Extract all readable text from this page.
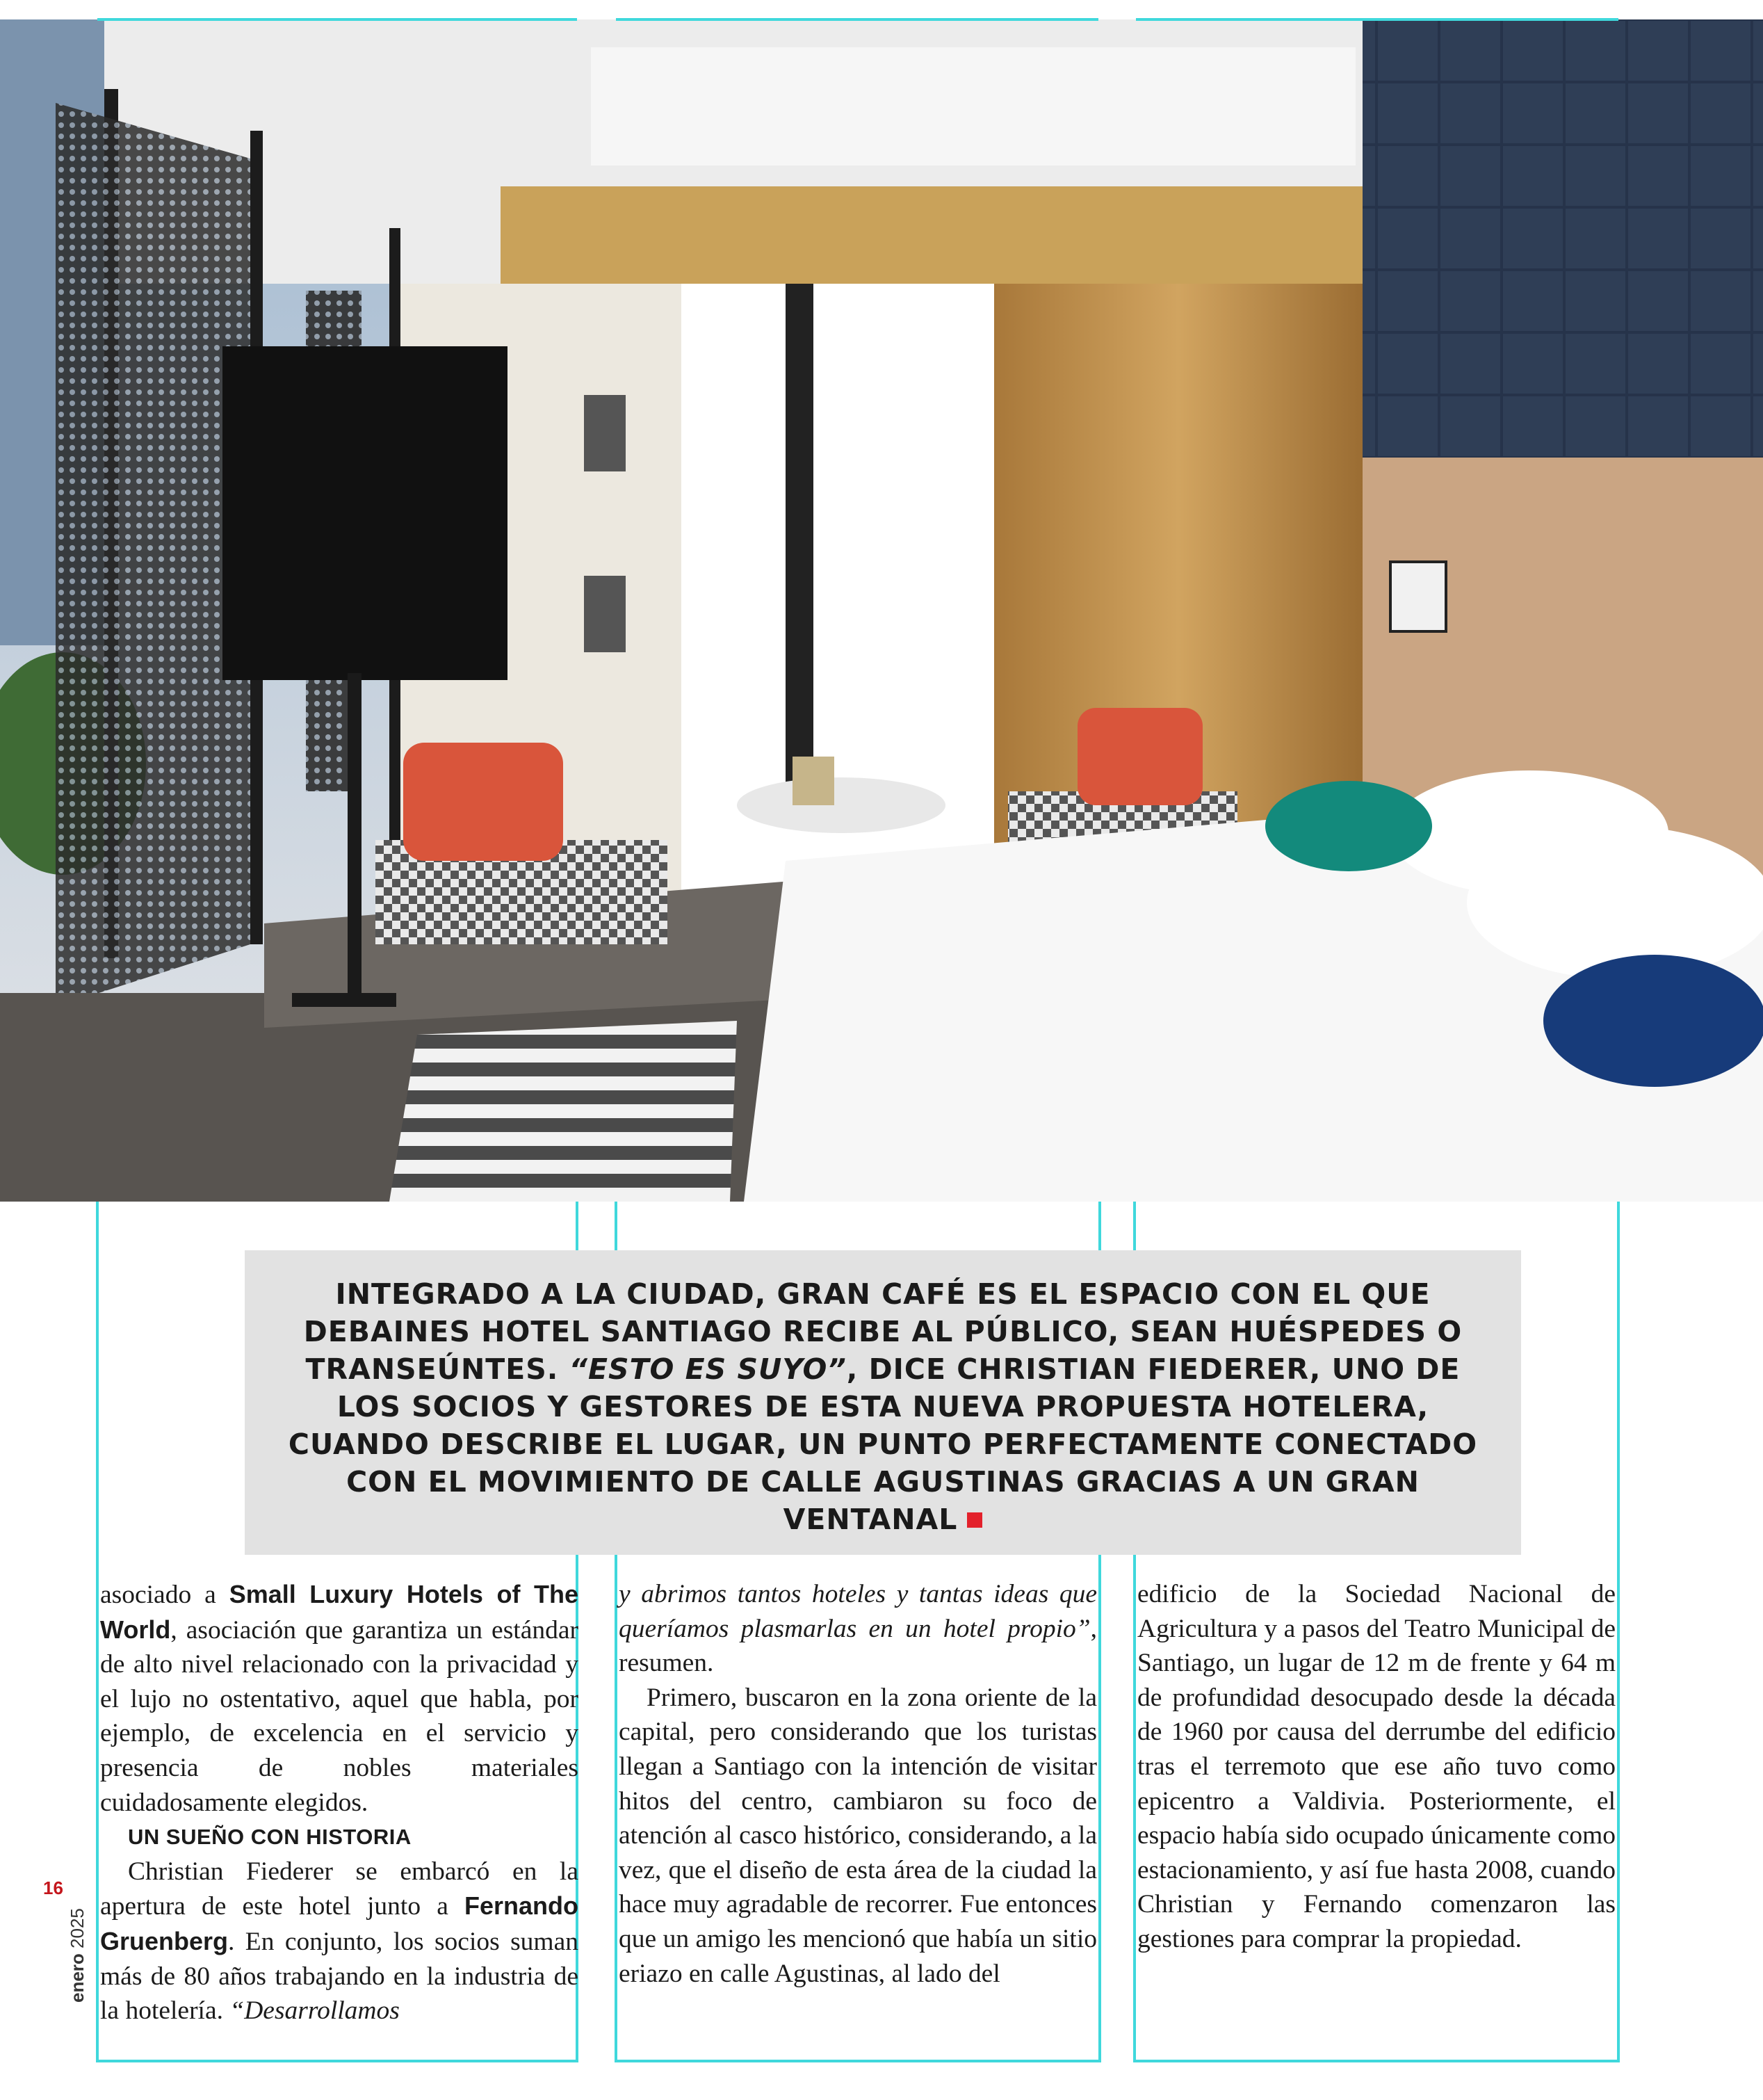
INTEGRADO A LA CIUDAD, GRAN CAFÉ ES EL ESPACIO CON EL QUE DEBAINES HOTEL SANTIAGO RECIBE AL PÚBLICO, SEAN HUÉSPEDES O TRANSEÚNTES. “ESTO ES SUYO”, DICE CHRISTIAN FIEDERER, UNO DE LOS SOCIOS Y GESTORES DE ESTA NUEVA PROPUESTA HOTELERA, CUANDO DESCRIBE EL LUGAR, UN PUNTO PERFECTAMENTE CONECTADO CON EL MOVIMIENTO DE CALLE AGUSTINAS GRACIAS A UN GRAN VENTANAL

asociado a Small Luxury Hotels of The World, asociación que garantiza un estándar de alto nivel relacionado con la privacidad y el lujo no ostentativo, aquel que habla, por ejemplo, de excelencia en el servicio y presencia de nobles materiales cuidadosamente elegidos.

UN SUEÑO CON HISTORIA

Christian Fiederer se embarcó en la apertura de este hotel junto a Fernando Gruenberg. En conjunto, los socios suman más de 80 años trabajando en la industria de la hotelería. “Desarrollamos

y abrimos tantos hoteles y tantas ideas que queríamos plasmarlas en un hotel propio”, resumen.

Primero, buscaron en la zona oriente de la capital, pero considerando que los turistas llegan a Santiago con la intención de visitar hitos del centro, cambiaron su foco de atención al casco histórico, considerando, a la vez, que el diseño de esta área de la ciudad la hace muy agradable de recorrer. Fue entonces que un amigo les mencionó que había un sitio eriazo en calle Agustinas, al lado del

edificio de la Sociedad Nacional de Agricultura y a pasos del Teatro Municipal de Santiago, un lugar de 12 m de frente y 64 m de profundidad desocupado desde la década de 1960 por causa del derrumbe del edificio tras el terremoto que ese año tuvo como epicentro a Valdivia. Posteriormente, el espacio había sido ocupado únicamente como estacionamiento, y así fue hasta 2008, cuando Christian y Fernando comenzaron las gestiones para comprar la propiedad.

16
enero 2025
